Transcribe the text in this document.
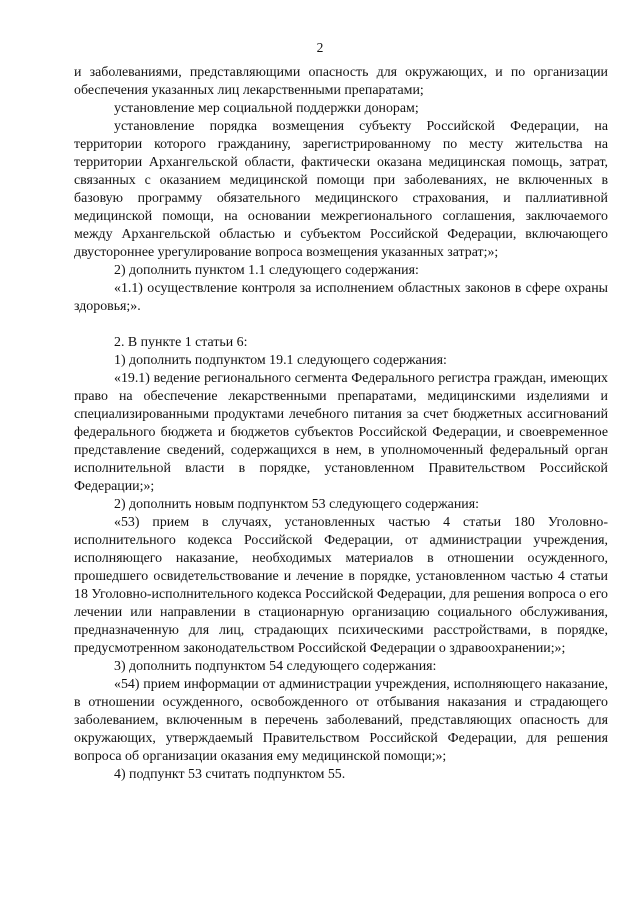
2

и заболеваниями, представляющими опасность для окружающих, и по организации обеспечения указанных лиц лекарственными препаратами;

установление мер социальной поддержки донорам;

установление порядка возмещения субъекту Российской Федерации, на территории которого гражданину, зарегистрированному по месту жительства на территории Архангельской области, фактически оказана медицинская помощь, затрат, связанных с оказанием медицинской помощи при заболеваниях, не включенных в базовую программу обязательного медицинского страхования, и паллиативной медицинской помощи, на основании межрегионального соглашения, заключаемого между Архангельской областью и субъектом Российской Федерации, включающего двустороннее урегулирование вопроса возмещения указанных затрат;»;

2) дополнить пунктом 1.1 следующего содержания:

«1.1) осуществление контроля за исполнением областных законов в сфере охраны здоровья;».

2. В пункте 1 статьи 6:

1) дополнить подпунктом 19.1 следующего содержания:

«19.1) ведение регионального сегмента Федерального регистра граждан, имеющих право на обеспечение лекарственными препаратами, медицинскими изделиями и специализированными продуктами лечебного питания за счет бюджетных ассигнований федерального бюджета и бюджетов субъектов Российской Федерации, и своевременное представление сведений, содержащихся в нем, в уполномоченный федеральный орган исполнительной власти в порядке, установленном Правительством Российской Федерации;»;

2) дополнить новым подпунктом 53 следующего содержания:

«53) прием в случаях, установленных частью 4 статьи 180 Уголовно-исполнительного кодекса Российской Федерации, от администрации учреждения, исполняющего наказание, необходимых материалов в отношении осужденного, прошедшего освидетельствование и лечение в порядке, установленном частью 4 статьи 18 Уголовно-исполнительного кодекса Российской Федерации, для решения вопроса о его лечении или направлении в стационарную организацию социального обслуживания, предназначенную для лиц, страдающих психическими расстройствами, в порядке, предусмотренном законодательством Российской Федерации о здравоохранении;»;

3) дополнить подпунктом 54 следующего содержания:

«54) прием информации от администрации учреждения, исполняющего наказание, в отношении осужденного, освобожденного от отбывания наказания и страдающего заболеванием, включенным в перечень заболеваний, представляющих опасность для окружающих, утверждаемый Правительством Российской Федерации, для решения вопроса об организации оказания ему медицинской помощи;»;

4) подпункт 53 считать подпунктом 55.
